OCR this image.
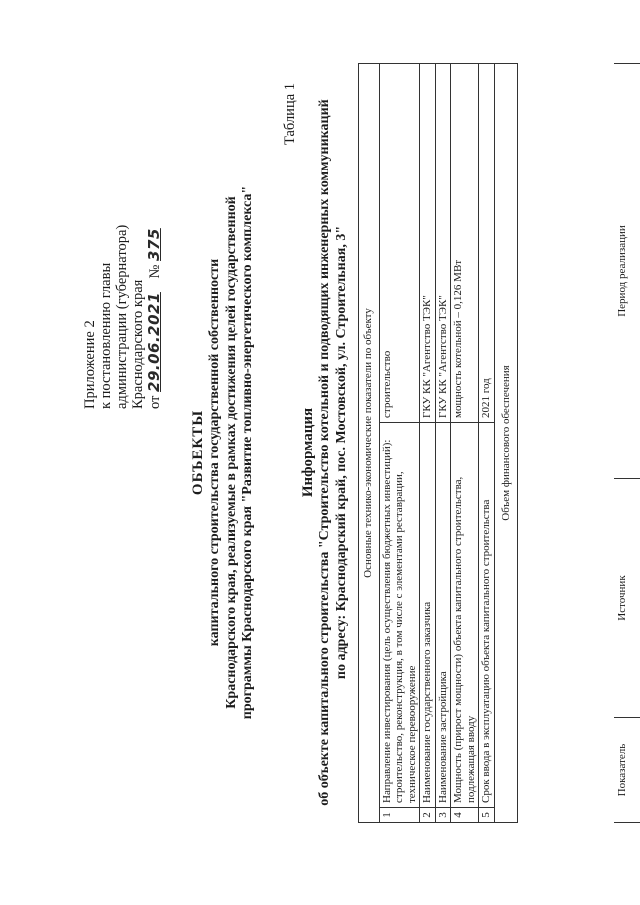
Приложение 2 к постановлению главы администрации (губернатора) Краснодарского края от 29.06.2021 № 375
ОБЪЕКТЫ капитального строительства государственной собственности Краснодарского края, реализуемые в рамках достижения целей государственной программы Краснодарского края "Развитие топливно-энергетического комплекса"
Таблица 1
Информация об объекте капитального строительства "Строительство котельной и подводящих инженерных коммуникаций по адресу: Краснодарский край, пос. Мостовской, ул. Строительная, 3" Основные технико-экономические показатели по объекту		
1	Направление инвестирования (цель осуществления бюджетных инвестиций): строительство, реконструкция, в том числе с элементами реставрации, техническое перевооружение	строительство
2	Наименование государственного заказчика	ГКУ КК "Агентство ТЭК"
3	Наименование застройщика	ГКУ КК "Агентство ТЭК"
4	Мощность (прирост мощности) объекта капитального строительства, подлежащая вводу	мощность котельной – 0,126 МВт
5	Срок ввода в эксплуатацию объекта капитального строительства	2021 год
Объем финансового обеспечения		
Показатель	Источник	Период реализации
